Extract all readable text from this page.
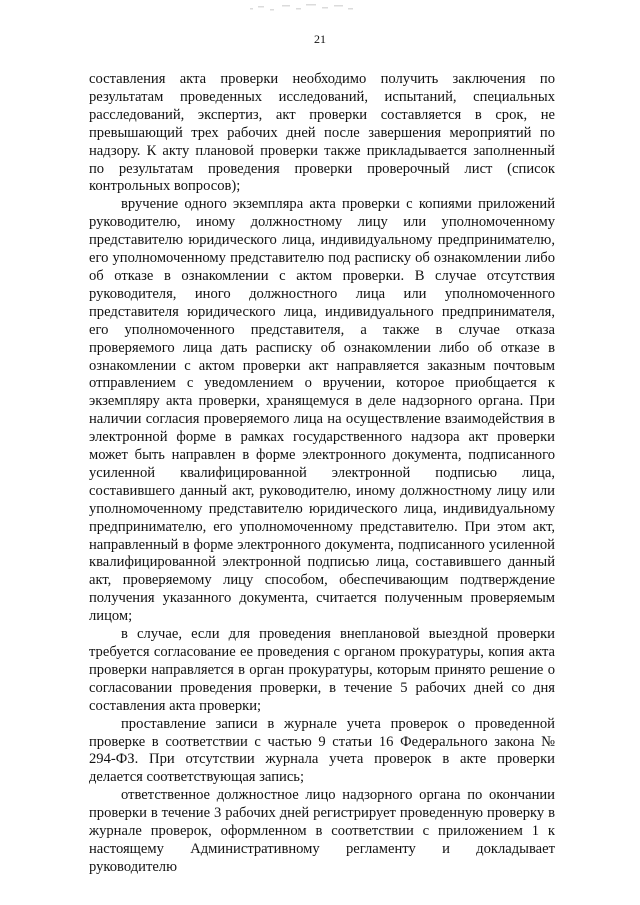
21

составления акта проверки необходимо получить заключения по результатам проведенных исследований, испытаний, специальных расследований, экспертиз, акт проверки составляется в срок, не превышающий трех рабочих дней после завершения мероприятий по надзору. К акту плановой проверки также прикладывается заполненный по результатам проведения проверки проверочный лист (список контрольных вопросов);

вручение одного экземпляра акта проверки с копиями приложений руководителю, иному должностному лицу или уполномоченному представителю юридического лица, индивидуальному предпринимателю, его уполномоченному представителю под расписку об ознакомлении либо об отказе в ознакомлении с актом проверки. В случае отсутствия руководителя, иного должностного лица или уполномоченного представителя юридического лица, индивидуального предпринимателя, его уполномоченного представителя, а также в случае отказа проверяемого лица дать расписку об ознакомлении либо об отказе в ознакомлении с актом проверки акт направляется заказным почтовым отправлением с уведомлением о вручении, которое приобщается к экземпляру акта проверки, хранящемуся в деле надзорного органа. При наличии согласия проверяемого лица на осуществление взаимодействия в электронной форме в рамках государственного надзора акт проверки может быть направлен в форме электронного документа, подписанного усиленной квалифицированной электронной подписью лица, составившего данный акт, руководителю, иному должностному лицу или уполномоченному представителю юридического лица, индивидуальному предпринимателю, его уполномоченному представителю. При этом акт, направленный в форме электронного документа, подписанного усиленной квалифицированной электронной подписью лица, составившего данный акт, проверяемому лицу способом, обеспечивающим подтверждение получения указанного документа, считается полученным проверяемым лицом;

в случае, если для проведения внеплановой выездной проверки требуется согласование ее проведения с органом прокуратуры, копия акта проверки направляется в орган прокуратуры, которым принято решение о согласовании проведения проверки, в течение 5 рабочих дней со дня составления акта проверки;

проставление записи в журнале учета проверок о проведенной проверке в соответствии с частью 9 статьи 16 Федерального закона № 294-ФЗ. При отсутствии журнала учета проверок в акте проверки делается соответствующая запись;

ответственное должностное лицо надзорного органа по окончании проверки в течение 3 рабочих дней регистрирует проведенную проверку в журнале проверок, оформленном в соответствии с приложением 1 к настоящему Административному регламенту и докладывает руководителю
